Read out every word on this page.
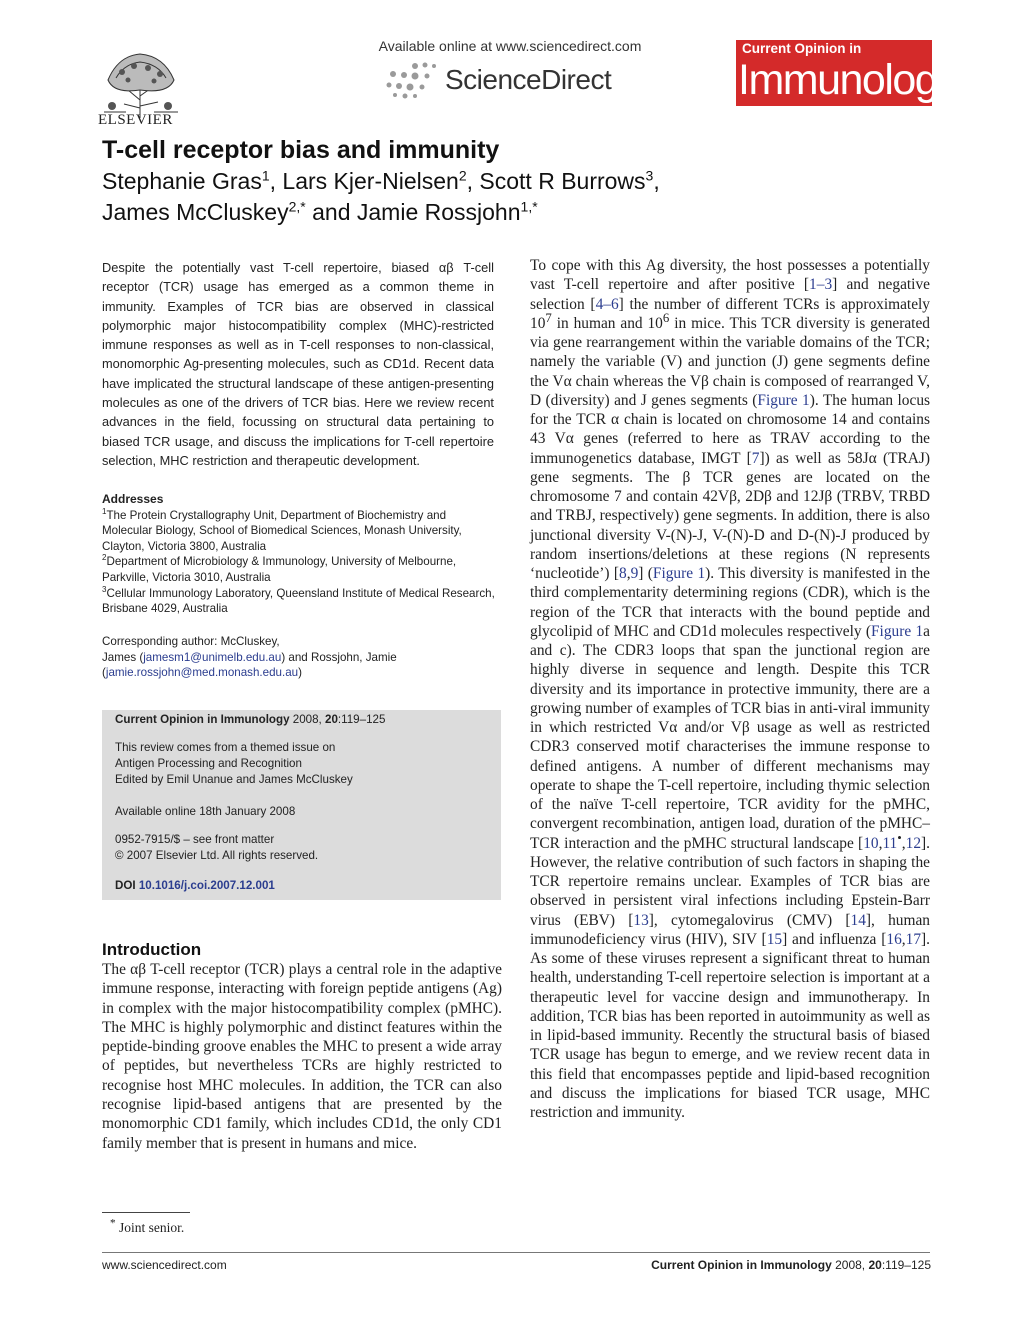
ELSEVIER
Available online at www.sciencedirect.com
ScienceDirect
Current Opinion in
Immunology
T-cell receptor bias and immunity
Stephanie Gras$^1$, Lars Kjer-Nielsen$^2$, Scott R Burrows$^3$,
James McCluskey$^{2,*}$ and Jamie Rossjohn$^{1,*}$
Despite the potentially vast T-cell repertoire, biased αβ T-cell receptor (TCR) usage has emerged as a common theme in immunity. Examples of TCR bias are observed in classical polymorphic major histocompatibility complex (MHC)-restricted immune responses as well as in T-cell responses to non-classical, monomorphic Ag-presenting molecules, such as CD1d. Recent data have implicated the structural landscape of these antigen-presenting molecules as one of the drivers of TCR bias. Here we review recent advances in the field, focussing on structural data pertaining to biased TCR usage, and discuss the implications for T-cell repertoire selection, MHC restriction and therapeutic development.
Addresses
$^1$The Protein Crystallography Unit, Department of Biochemistry and Molecular Biology, School of Biomedical Sciences, Monash University, Clayton, Victoria 3800, Australia
$^2$Department of Microbiology & Immunology, University of Melbourne, Parkville, Victoria 3010, Australia
$^3$Cellular Immunology Laboratory, Queensland Institute of Medical Research, Brisbane 4029, Australia
Corresponding author: McCluskey,
James (jamesm1@unimelb.edu.au) and Rossjohn, Jamie
(jamie.rossjohn@med.monash.edu.au)
Current Opinion in Immunology 2008, 20:119–125
This review comes from a themed issue on
Antigen Processing and Recognition
Edited by Emil Unanue and James McCluskey
Available online 18th January 2008
0952-7915/$ – see front matter
© 2007 Elsevier Ltd. All rights reserved.
DOI 10.1016/j.coi.2007.12.001
Introduction
The αβ T-cell receptor (TCR) plays a central role in the adaptive immune response, interacting with foreign peptide antigens (Ag) in complex with the major histocompatibility complex (pMHC). The MHC is highly polymorphic and distinct features within the peptide-binding groove enables the MHC to present a wide array of peptides, but nevertheless TCRs are highly restricted to recognise host MHC molecules. In addition, the TCR can also recognise lipid-based antigens that are presented by the monomorphic CD1 family, which includes CD1d, the only CD1 family member that is present in humans and mice.
* Joint senior.
To cope with this Ag diversity, the host possesses a potentially vast T-cell repertoire and after positive [1–3] and negative selection [4–6] the number of different TCRs is approximately $10^7$ in human and $10^6$ in mice. This TCR diversity is generated via gene rearrangement within the variable domains of the TCR; namely the variable (V) and junction (J) gene segments define the Vα chain whereas the Vβ chain is composed of rearranged V, D (diversity) and J genes segments (Figure 1). The human locus for the TCR α chain is located on chromosome 14 and contains 43 Vα genes (referred to here as TRAV according to the immunogenetics database, IMGT [7]) as well as 58Jα (TRAJ) gene segments. The β TCR genes are located on the chromosome 7 and contain 42Vβ, 2Dβ and 12Jβ (TRBV, TRBD and TRBJ, respectively) gene segments. In addition, there is also junctional diversity V-(N)-J, V-(N)-D and D-(N)-J produced by random insertions/deletions at these regions (N represents ‘nucleotide’) [8,9] (Figure 1). This diversity is manifested in the third complementarity determining regions (CDR), which is the region of the TCR that interacts with the bound peptide and glycolipid of MHC and CD1d molecules respectively (Figure 1a and c). The CDR3 loops that span the junctional region are highly diverse in sequence and length. Despite this TCR diversity and its importance in protective immunity, there are a growing number of examples of TCR bias in anti-viral immunity in which restricted Vα and/or Vβ usage as well as restricted CDR3 conserved motif characterises the immune response to defined antigens. A number of different mechanisms may operate to shape the T-cell repertoire, including thymic selection of the naïve T-cell repertoire, TCR avidity for the pMHC, convergent recombination, antigen load, duration of the pMHC–TCR interaction and the pMHC structural landscape [10,11•,12]. However, the relative contribution of such factors in shaping the TCR repertoire remains unclear. Examples of TCR bias are observed in persistent viral infections including Epstein-Barr virus (EBV) [13], cytomegalovirus (CMV) [14], human immunodeficiency virus (HIV), SIV [15] and influenza [16,17]. As some of these viruses represent a significant threat to human health, understanding T-cell repertoire selection is important at a therapeutic level for vaccine design and immunotherapy. In addition, TCR bias has been reported in autoimmunity as well as in lipid-based immunity. Recently the structural basis of biased TCR usage has begun to emerge, and we review recent data in this field that encompasses peptide and lipid-based recognition and discuss the implications for biased TCR usage, MHC restriction and immunity.
www.sciencedirect.com	Current Opinion in Immunology 2008, 20:119–125
